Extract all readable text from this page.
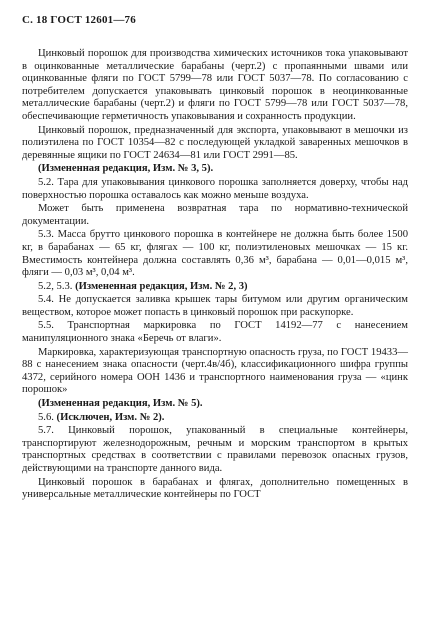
С. 18 ГОСТ 12601—76

Цинковый порошок для производства химических источников тока упаковывают в оцинкованные металлические барабаны (черт.2) с пропаянными швами или оцинкованные фляги по ГОСТ 5799—78 или ГОСТ 5037—78. По согласованию с потребителем допускается упаковывать цинковый порошок в неоцинкованные металлические барабаны (черт.2) и фляги по ГОСТ 5799—78 или ГОСТ 5037—78, обеспечивающие герметичность упаковывания и сохранность продукции.

Цинковый порошок, предназначенный для экспорта, упаковывают в мешочки из полиэтилена по ГОСТ 10354—82 с последующей укладкой заваренных мешочков в деревянные ящики по ГОСТ 24634—81 или ГОСТ 2991—85.

(Измененная редакция, Изм. № 3, 5).

5.2. Тара для упаковывания цинкового порошка заполняется доверху, чтобы над поверхностью порошка оставалось как можно меньше воздуха.

Может быть применена возвратная тара по нормативно-технической документации.

5.3. Масса брутто цинкового порошка в контейнере не должна быть более 1500 кг, в барабанах — 65 кг, флягах — 100 кг, полиэтиленовых мешочках — 15 кг. Вместимость контейнера должна составлять 0,36 м³, барабана — 0,01—0,015 м³, фляги — 0,03 м³, 0,04 м³.

5.2, 5.3. (Измененная редакция, Изм. № 2, 3)

5.4. Не допускается заливка крышек тары битумом или другим органическим веществом, которое может попасть в цинковый порошок при раскупорке.

5.5. Транспортная маркировка по ГОСТ 14192—77 с нанесением манипуляционного знака «Беречь от влаги».

Маркировка, характеризующая транспортную опасность груза, по ГОСТ 19433—88 с нанесением знака опасности (черт.4в/4б), классификационного шифра группы 4372, серийного номера ООН 1436 и транспортного наименования груза — «цинк порошок»

(Измененная редакция, Изм. № 5).

5.6. (Исключен, Изм. № 2).

5.7. Цинковый порошок, упакованный в специальные контейнеры, транспортируют железнодорожным, речным и морским транспортом в крытых транспортных средствах в соответствии с правилами перевозок опасных грузов, действующими на транспорте данного вида.

Цинковый порошок в барабанах и флягах, дополнительно помещенных в универсальные металлические контейнеры по ГОСТ
